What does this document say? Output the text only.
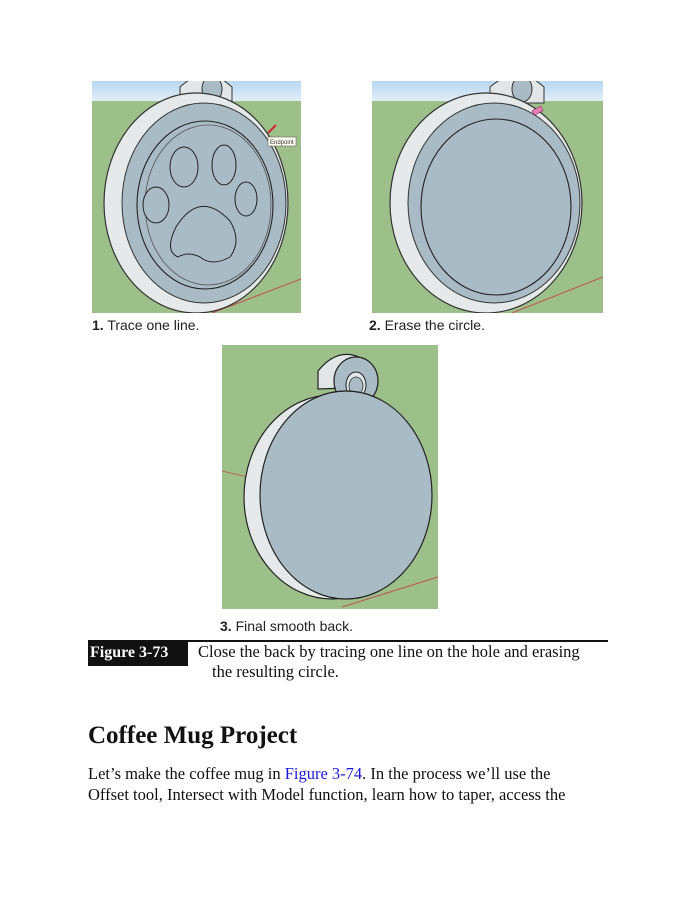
Endpoint
1. Trace one line.	2. Erase the circle.
3. Final smooth back.
Figure 3-73	Close the back by tracing one line on the hole and erasing
the resulting circle.
Coffee Mug Project
Let’s make the coffee mug in Figure 3-74. In the process we’ll use the
Offset tool, Intersect with Model function, learn how to taper, access the
